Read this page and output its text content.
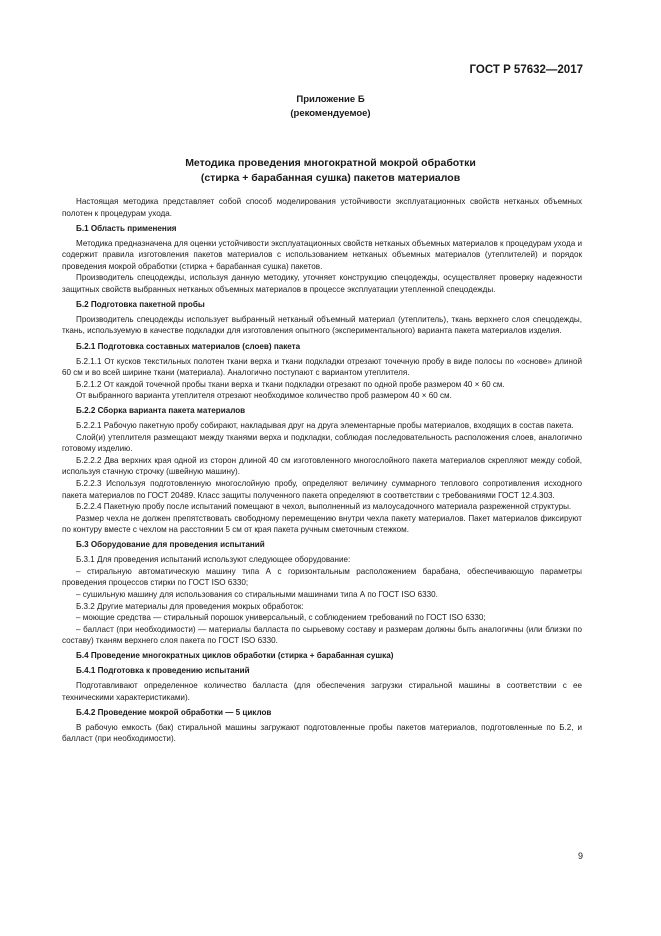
ГОСТ Р 57632—2017
Приложение Б
(рекомендуемое)
Методика проведения многократной мокрой обработки
(стирка + барабанная сушка) пакетов материалов

Настоящая методика представляет собой способ моделирования устойчивости эксплуатационных свойств нетканых объемных полотен к процедурам ухода.

Б.1 Область применения

Методика предназначена для оценки устойчивости эксплуатационных свойств нетканых объемных материалов к процедурам ухода и содержит правила изготовления пакетов материалов с использованием нетканых объемных материалов (утеплителей) и порядок проведения мокрой обработки (стирка + барабанная сушка) пакетов.

Производитель спецодежды, используя данную методику, уточняет конструкцию спецодежды, осуществляет проверку надежности защитных свойств выбранных нетканых объемных материалов в процессе эксплуатации утепленной спецодежды.

Б.2 Подготовка пакетной пробы

Производитель спецодежды использует выбранный нетканый объемный материал (утеплитель), ткань верхнего слоя спецодежды, ткань, используемую в качестве подкладки для изготовления опытного (экспериментального) варианта пакета материалов изделия.

Б.2.1 Подготовка составных материалов (слоев) пакета

Б.2.1.1 От кусков текстильных полотен ткани верха и ткани подкладки отрезают точечную пробу в виде полосы по «основе» длиной 60 см и во всей ширине ткани (материала). Аналогично поступают с вариантом утеплителя.

Б.2.1.2 От каждой точечной пробы ткани верха и ткани подкладки отрезают по одной пробе размером 40 × 60 см.

От выбранного варианта утеплителя отрезают необходимое количество проб размером 40 × 60 см.

Б.2.2 Сборка варианта пакета материалов

Б.2.2.1 Рабочую пакетную пробу собирают, накладывая друг на друга элементарные пробы материалов, входящих в состав пакета.

Слой(и) утеплителя размещают между тканями верха и подкладки, соблюдая последовательность расположения слоев, аналогично готовому изделию.

Б.2.2.2 Два верхних края одной из сторон длиной 40 см изготовленного многослойного пакета материалов скрепляют между собой, используя стачную строчку (швейную машину).

Б.2.2.3 Используя подготовленную многослойную пробу, определяют величину суммарного теплового сопротивления исходного пакета материалов по ГОСТ 20489. Класс защиты полученного пакета определяют в соответствии с требованиями ГОСТ 12.4.303.

Б.2.2.4 Пакетную пробу после испытаний помещают в чехол, выполненный из малоусадочного материала разреженной структуры.

Размер чехла не должен препятствовать свободному перемещению внутри чехла пакету материалов. Пакет материалов фиксируют по контуру вместе с чехлом на расстоянии 5 см от края пакета ручным сметочным стежком.

Б.3 Оборудование для проведения испытаний

Б.3.1 Для проведения испытаний используют следующее оборудование:

– стиральную автоматическую машину типа А с горизонтальным расположением барабана, обеспечивающую параметры проведения процессов стирки по ГОСТ ISO 6330;

– сушильную машину для использования со стиральными машинами типа А по ГОСТ ISO 6330.

Б.3.2 Другие материалы для проведения мокрых обработок:

– моющие средства — стиральный порошок универсальный, с соблюдением требований по ГОСТ ISO 6330;

– балласт (при необходимости) — материалы балласта по сырьевому составу и размерам должны быть аналогичны (или близки по составу) тканям верхнего слоя пакета по ГОСТ ISO 6330.

Б.4 Проведение многократных циклов обработки (стирка + барабанная сушка)

Б.4.1 Подготовка к проведению испытаний

Подготавливают определенное количество балласта (для обеспечения загрузки стиральной машины в соответствии с ее техническими характеристиками).

Б.4.2 Проведение мокрой обработки — 5 циклов

В рабочую емкость (бак) стиральной машины загружают подготовленные пробы пакетов материалов, подготовленные по Б.2, и балласт (при необходимости).

9
